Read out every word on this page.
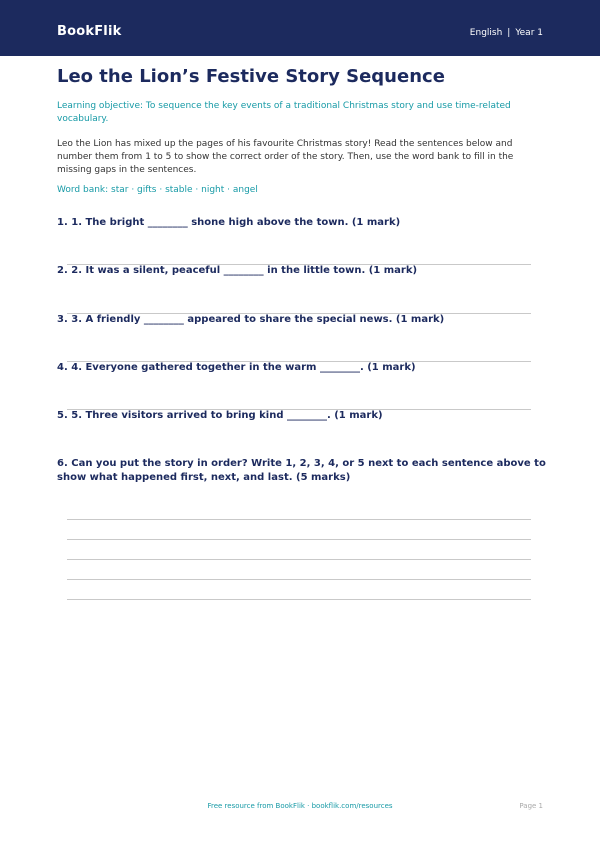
BookFlik	English | Year 1
Leo the Lion’s Festive Story Sequence
Learning objective: To sequence the key events of a traditional Christmas story and use time-related vocabulary.
Leo the Lion has mixed up the pages of his favourite Christmas story! Read the sentences below and number them from 1 to 5 to show the correct order of the story. Then, use the word bank to fill in the missing gaps in the sentences.
Word bank: star · gifts · stable · night · angel
1. 1. The bright ________ shone high above the town. (1 mark)
2. 2. It was a silent, peaceful ________ in the little town. (1 mark)
3. 3. A friendly ________ appeared to share the special news. (1 mark)
4. 4. Everyone gathered together in the warm ________. (1 mark)
5. 5. Three visitors arrived to bring kind ________. (1 mark)
6. Can you put the story in order? Write 1, 2, 3, 4, or 5 next to each sentence above to show what happened first, next, and last. (5 marks)
Free resource from BookFlik · bookflik.com/resources	Page 1
